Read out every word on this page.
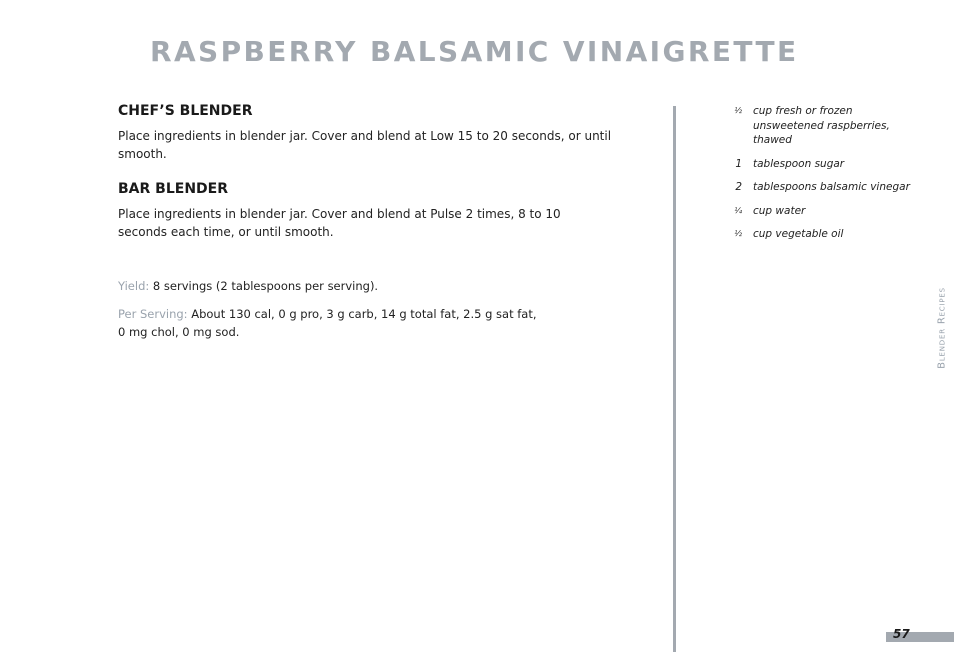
RASPBERRY BALSAMIC VINAIGRETTE
CHEF’S BLENDER

Place ingredients in blender jar. Cover and blend at Low 15 to 20 seconds, or until smooth.

BAR BLENDER

Place ingredients in blender jar. Cover and blend at Pulse 2 times, 8 to 10 seconds each time, or until smooth.

Yield: 8 servings (2 tablespoons per serving).

Per Serving: About 130 cal, 0 g pro, 3 g carb, 14 g total fat, 2.5 g sat fat, 0 mg chol, 0 mg sod.

½	cup fresh or frozen unsweetened raspberries, thawed
1	tablespoon sugar
2	tablespoons balsamic vinegar
¼	cup water
½	cup vegetable oil
Blender Recipes
57
